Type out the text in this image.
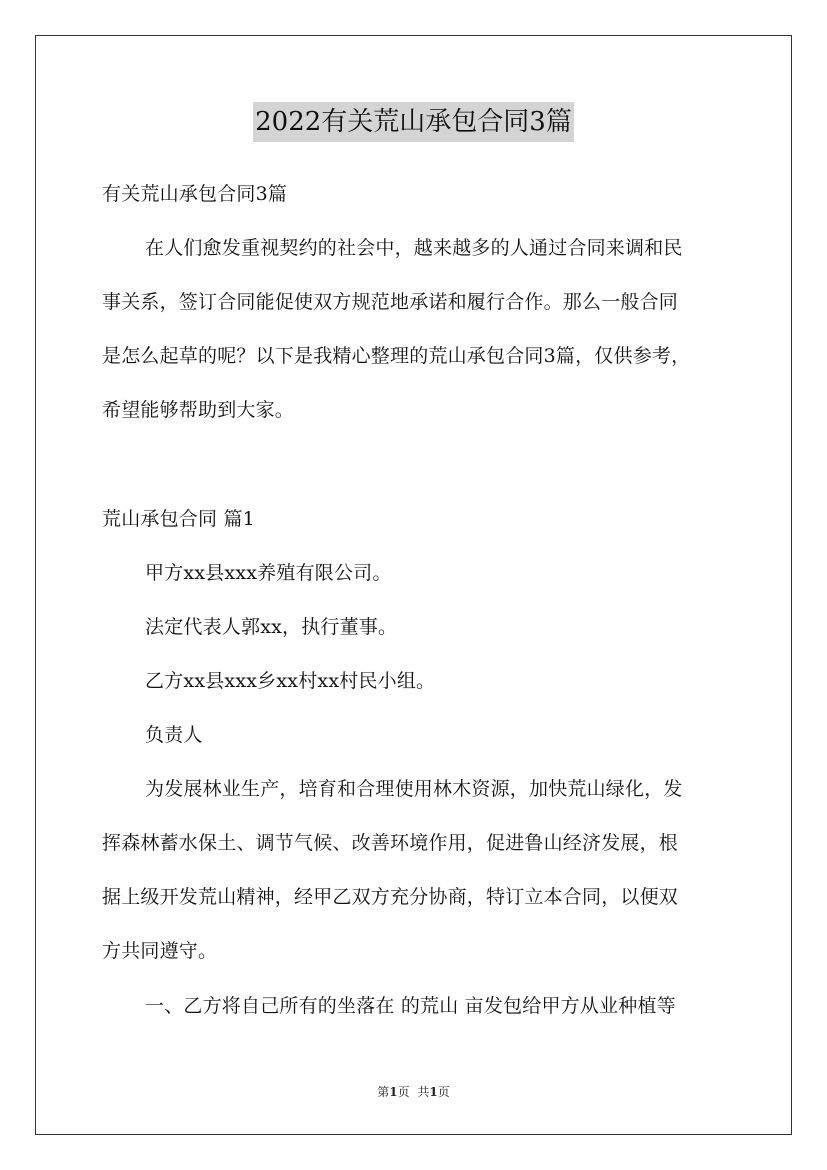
2022有关荒山承包合同3篇
有关荒山承包合同3篇
在人们愈发重视契约的社会中，越来越多的人通过合同来调和民
事关系，签订合同能促使双方规范地承诺和履行合作。那么一般合同
是怎么起草的呢？以下是我精心整理的荒山承包合同3篇，仅供参考，
希望能够帮助到大家。
荒山承包合同 篇1
甲方xx县xxx养殖有限公司。
法定代表人郭xx，执行董事。
乙方xx县xxx乡xx村xx村民小组。
负责人
为发展林业生产，培育和合理使用林木资源，加快荒山绿化，发
挥森林蓄水保土、调节气候、改善环境作用，促进鲁山经济发展，根
据上级开发荒山精神，经甲乙双方充分协商，特订立本合同，以便双
方共同遵守。
一、乙方将自己所有的坐落在 的荒山 亩发包给甲方从业种植等
第1页 共1页
